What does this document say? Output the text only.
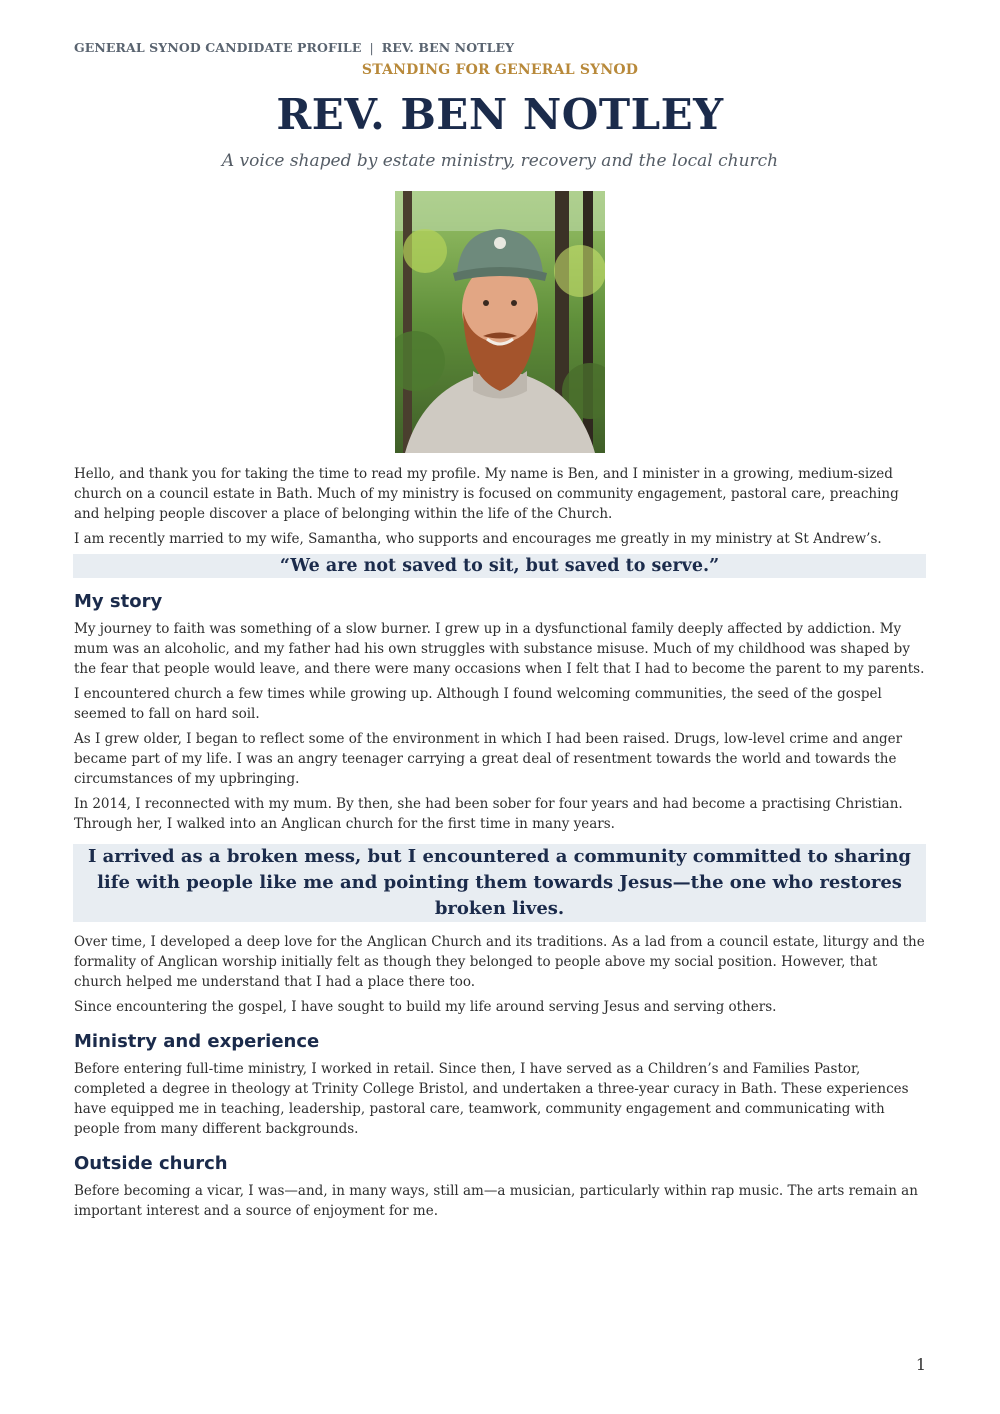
GENERAL SYNOD CANDIDATE PROFILE | REV. BEN NOTLEY
STANDING FOR GENERAL SYNOD
REV. BEN NOTLEY
A voice shaped by estate ministry, recovery and the local church

Hello, and thank you for taking the time to read my profile. My name is Ben, and I minister in a growing, medium-sized church on a council estate in Bath. Much of my ministry is focused on community engagement, pastoral care, preaching and helping people discover a place of belonging within the life of the Church.

I am recently married to my wife, Samantha, who supports and encourages me greatly in my ministry at St Andrew’s.

“We are not saved to sit, but saved to serve.”
My story

My journey to faith was something of a slow burner. I grew up in a dysfunctional family deeply affected by addiction. My mum was an alcoholic, and my father had his own struggles with substance misuse. Much of my childhood was shaped by the fear that people would leave, and there were many occasions when I felt that I had to become the parent to my parents.

I encountered church a few times while growing up. Although I found welcoming communities, the seed of the gospel seemed to fall on hard soil.

As I grew older, I began to reflect some of the environment in which I had been raised. Drugs, low-level crime and anger became part of my life. I was an angry teenager carrying a great deal of resentment towards the world and towards the circumstances of my upbringing.

In 2014, I reconnected with my mum. By then, she had been sober for four years and had become a practising Christian. Through her, I walked into an Anglican church for the first time in many years.

I arrived as a broken mess, but I encountered a community committed to sharing life with people like me and pointing them towards Jesus—the one who restores broken lives.

Over time, I developed a deep love for the Anglican Church and its traditions. As a lad from a council estate, liturgy and the formality of Anglican worship initially felt as though they belonged to people above my social position. However, that church helped me understand that I had a place there too.

Since encountering the gospel, I have sought to build my life around serving Jesus and serving others.

Ministry and experience

Before entering full-time ministry, I worked in retail. Since then, I have served as a Children’s and Families Pastor, completed a degree in theology at Trinity College Bristol, and undertaken a three-year curacy in Bath. These experiences have equipped me in teaching, leadership, pastoral care, teamwork, community engagement and communicating with people from many different backgrounds.

Outside church

Before becoming a vicar, I was—and, in many ways, still am—a musician, particularly within rap music. The arts remain an important interest and a source of enjoyment for me.

1
